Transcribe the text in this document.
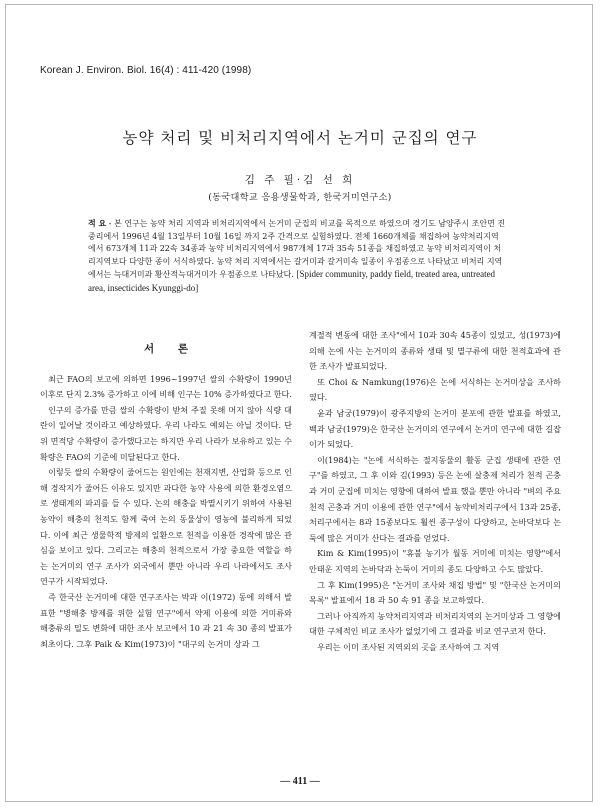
Korean J. Environ. Biol. 16(4) : 411-420 (1998)
농약 처리 및 비처리지역에서 논거미 군집의 연구
김 주 필·김 선 희
(동국대학교 응용생물학과, 한국거미연구소)
적 요 - 본 연구는 농약 처리 지역과 비처리지역에서 논거미 군집의 비교를 목적으로 하였으며 경기도 남양주시 조안면 진중리에서 1996년 4월 13일부터 10월 16일 까지 2주 간격으로 실험하였다. 전체 1660개체를 채집하여 농약처리지역에서 673개체 11과 22속 34종과 농약 비처리지역에서 987개체 17과 35속 51종을 채집하였고 농약 비처리지역이 처리지역보다 다양한 종이 서식하였다. 농약 처리 지역에서는 갈거미과 갈거미속 일종이 우점종으로 나타났고 비처리 지역에서는 늑대거미과 황산적늑대거미가 우점종으로 나타났다. [Spider community, paddy field, treated area, untreated area, insecticides Kyunggi-do]
서 론

최근 FAO의 보고에 의하면 1996~1997년 쌀의 수확량이 1990년 이후로 단지 2.3% 증가하고 이에 비해 인구는 10% 증가하였다고 한다.

인구의 증가를 만큼 쌀의 수확량이 받쳐 주질 못해 머지 않아 식량 대란이 일어날 것이라고 예상하였다. 우리 나라도 예외는 아닐 것이다. 단위 면적당 수확량이 증가했다고는 하지만 우리 나라가 보유하고 있는 수확량은 FAO의 기준에 미달된다고 한다.

이렇듯 쌀의 수확량이 줄어드는 원인에는 천재지변, 산업화 등으로 인해 경작지가 줄어든 이유도 있지만 과다한 농약 사용에 의한 환경오염으로 생태계의 파괴를 들 수 있다. 논의 해충을 박멸시키기 위하여 사용된 농약이 해충의 천적도 함께 죽여 논의 동물상이 영농에 불리하게 되었다. 이에 최근 생물학적 방제의 일환으로 천적을 이용한 경작에 많은 관심을 보이고 있다. 그리고는 해충의 천적으로서 가장 중요한 역할을 하는 논거미의 연구 조사가 외국에서 뿐만 아니라 우리 나라에서도 조사 연구가 시작되었다.

즉 한국산 논거미에 대한 연구조사는 박과 이(1972) 동에 의해서 발표한 "병해충 방제를 위한 실험 연구"에서 약제 이용에 의한 거미류와 해충류의 밀도 변화에 대한 조사 보고에서 10 과 21 속 30 종의 발표가 최초이다. 그후 Paik & Kim(1973)이 "대구의 논거미 상과 그

계절적 변동에 대한 조사"에서 10과 30속 45종이 있었고, 성(1973)에 의해 논에 사는 논거미의 종류와 생태 및 멸구류에 대한 천적효과에 관한 조사가 발표되었다.

또 Choi & Namkung(1976)은 논에 서식하는 논거미상을 조사하였다.

윤과 남궁(1979)이 광주지방의 논거미 분포에 관한 발표를 하였고, 백과 남궁(1979)은 한국산 논거미의 연구에서 논거미 연구에 대한 길잡이가 되었다.

이(1984)는 "논에 서식하는 절지동물의 활동 군집 생태에 관한 연구"를 하였고, 그 후 이와 김(1993) 등은 논에 살충제 처리가 천적 곤충과 거미 군집에 미치는 영향에 대하여 발표 했을 뿐만 아니라 "벼의 주요 천적 곤충과 거미 이용에 관한 연구"에서 농약비처리구에서 13과 25종, 처리구에서는 8과 15종보다도 훨씬 종구성이 다양하고, 논바닥보다 논둑에 많은 거미가 산다는 결과를 얻었다.

Kim & Kim(1995)이 "휴불 농기가 월동 거미에 미치는 영향"에서 안태운 지역의 논바닥과 논둑이 거미의 종도 다양하고 수도 많았다.

그 후 Kim(1995)은 "논거미 조사와 채집 방법" 및 "한국산 논거미의 목록" 발표에서 18 과 50 속 91 종을 보고하였다.

그러나 아직까지 농약처리지역과 비처리지역의 논거미상과 그 영향에 대한 구체적인 비교 조사가 없었기에 그 결과를 비교 연구코저 한다.

우리는 이미 조사된 지역외의 곳을 조사하여 그 지역

— 411 —
